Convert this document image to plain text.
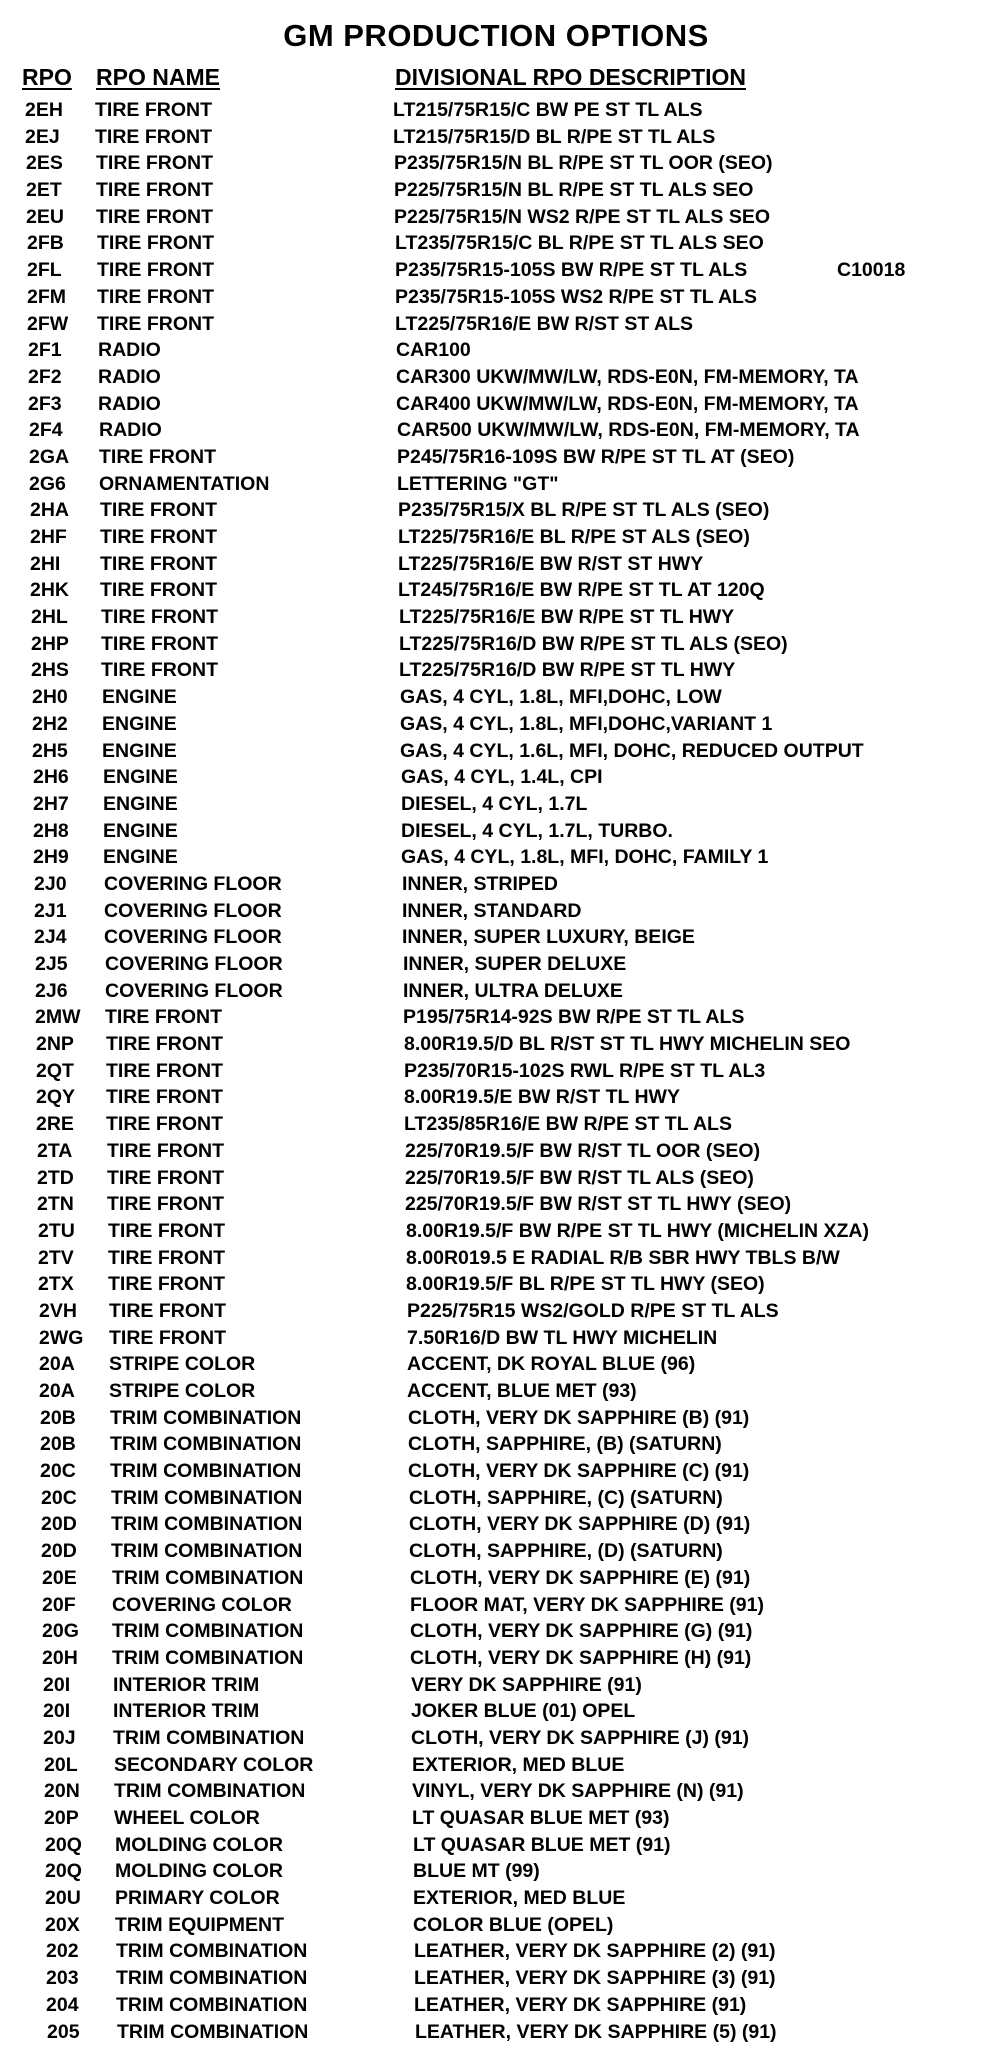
GM PRODUCTION OPTIONS
RPO RPO NAME	DIVISIONAL RPO DESCRIPTION
2EH TIRE FRONT	LT215/75R15/C BW PE ST TL ALS
2EJ TIRE FRONT	LT215/75R15/D BL R/PE ST TL ALS
2ES TIRE FRONT	P235/75R15/N BL R/PE ST TL OOR (SEO)
2ET TIRE FRONT	P225/75R15/N BL R/PE ST TL ALS SEO
2EU TIRE FRONT	P225/75R15/N WS2 R/PE ST TL ALS SEO
2FB TIRE FRONT	LT235/75R15/C BL R/PE ST TL ALS SEO
2FL TIRE FRONT	P235/75R15-105S BW R/PE ST TL ALS	C10018
2FM TIRE FRONT	P235/75R15-105S WS2 R/PE ST TL ALS
2FW TIRE FRONT	LT225/75R16/E BW R/ST ST ALS
2F1 RADIO	CAR100
2F2 RADIO	CAR300 UKW/MW/LW, RDS-E0N, FM-MEMORY, TA
2F3 RADIO	CAR400 UKW/MW/LW, RDS-E0N, FM-MEMORY, TA
2F4 RADIO	CAR500 UKW/MW/LW, RDS-E0N, FM-MEMORY, TA
2GA TIRE FRONT	P245/75R16-109S BW R/PE ST TL AT (SEO)
2G6 ORNAMENTATION	LETTERING "GT"
2HA TIRE FRONT	P235/75R15/X BL R/PE ST TL ALS (SEO)
2HF TIRE FRONT	LT225/75R16/E BL R/PE ST ALS (SEO)
2HI TIRE FRONT	LT225/75R16/E BW R/ST ST HWY
2HK TIRE FRONT	LT245/75R16/E BW R/PE ST TL AT 120Q
2HL TIRE FRONT	LT225/75R16/E BW R/PE ST TL HWY
2HP TIRE FRONT	LT225/75R16/D BW R/PE ST TL ALS (SEO)
2HS TIRE FRONT	LT225/75R16/D BW R/PE ST TL HWY
2H0 ENGINE	GAS, 4 CYL, 1.8L, MFI,DOHC, LOW
2H2 ENGINE	GAS, 4 CYL, 1.8L, MFI,DOHC,VARIANT 1
2H5 ENGINE	GAS, 4 CYL, 1.6L, MFI, DOHC, REDUCED OUTPUT
2H6 ENGINE	GAS, 4 CYL, 1.4L, CPI
2H7 ENGINE	DIESEL, 4 CYL, 1.7L
2H8 ENGINE	DIESEL, 4 CYL, 1.7L, TURBO.
2H9 ENGINE	GAS, 4 CYL, 1.8L, MFI, DOHC, FAMILY 1
2J0 COVERING FLOOR	INNER, STRIPED
2J1 COVERING FLOOR	INNER, STANDARD
2J4 COVERING FLOOR	INNER, SUPER LUXURY, BEIGE
2J5 COVERING FLOOR	INNER, SUPER DELUXE
2J6 COVERING FLOOR	INNER, ULTRA DELUXE
2MW TIRE FRONT	P195/75R14-92S BW R/PE ST TL ALS
2NP TIRE FRONT	8.00R19.5/D BL R/ST ST TL HWY MICHELIN SEO
2QT TIRE FRONT	P235/70R15-102S RWL R/PE ST TL AL3
2QY TIRE FRONT	8.00R19.5/E BW R/ST TL HWY
2RE TIRE FRONT	LT235/85R16/E BW R/PE ST TL ALS
2TA TIRE FRONT	225/70R19.5/F BW R/ST TL OOR (SEO)
2TD TIRE FRONT	225/70R19.5/F BW R/ST TL ALS (SEO)
2TN TIRE FRONT	225/70R19.5/F BW R/ST ST TL HWY (SEO)
2TU TIRE FRONT	8.00R19.5/F BW R/PE ST TL HWY (MICHELIN XZA)
2TV TIRE FRONT	8.00R019.5 E RADIAL R/B SBR HWY TBLS B/W
2TX TIRE FRONT	8.00R19.5/F BL R/PE ST TL HWY (SEO)
2VH TIRE FRONT	P225/75R15 WS2/GOLD R/PE ST TL ALS
2WG TIRE FRONT	7.50R16/D BW TL HWY MICHELIN
20A STRIPE COLOR	ACCENT, DK ROYAL BLUE (96)
20A STRIPE COLOR	ACCENT, BLUE MET (93)
20B TRIM COMBINATION	CLOTH, VERY DK SAPPHIRE (B) (91)
20B TRIM COMBINATION	CLOTH, SAPPHIRE, (B) (SATURN)
20C TRIM COMBINATION	CLOTH, VERY DK SAPPHIRE (C) (91)
20C TRIM COMBINATION	CLOTH, SAPPHIRE, (C) (SATURN)
20D TRIM COMBINATION	CLOTH, VERY DK SAPPHIRE (D) (91)
20D TRIM COMBINATION	CLOTH, SAPPHIRE, (D) (SATURN)
20E TRIM COMBINATION	CLOTH, VERY DK SAPPHIRE (E) (91)
20F COVERING COLOR	FLOOR MAT, VERY DK SAPPHIRE (91)
20G TRIM COMBINATION	CLOTH, VERY DK SAPPHIRE (G) (91)
20H TRIM COMBINATION	CLOTH, VERY DK SAPPHIRE (H) (91)
20I INTERIOR TRIM	VERY DK SAPPHIRE (91)
20I INTERIOR TRIM	JOKER BLUE (01) OPEL
20J TRIM COMBINATION	CLOTH, VERY DK SAPPHIRE (J) (91)
20L SECONDARY COLOR	EXTERIOR, MED BLUE
20N TRIM COMBINATION	VINYL, VERY DK SAPPHIRE (N) (91)
20P WHEEL COLOR	LT QUASAR BLUE MET (93)
20Q MOLDING COLOR	LT QUASAR BLUE MET (91)
20Q MOLDING COLOR	BLUE MT (99)
20U PRIMARY COLOR	EXTERIOR, MED BLUE
20X TRIM EQUIPMENT	COLOR BLUE (OPEL)
202 TRIM COMBINATION	LEATHER, VERY DK SAPPHIRE (2) (91)
203 TRIM COMBINATION	LEATHER, VERY DK SAPPHIRE (3) (91)
204 TRIM COMBINATION	LEATHER, VERY DK SAPPHIRE (91)
205 TRIM COMBINATION	LEATHER, VERY DK SAPPHIRE (5) (91)
